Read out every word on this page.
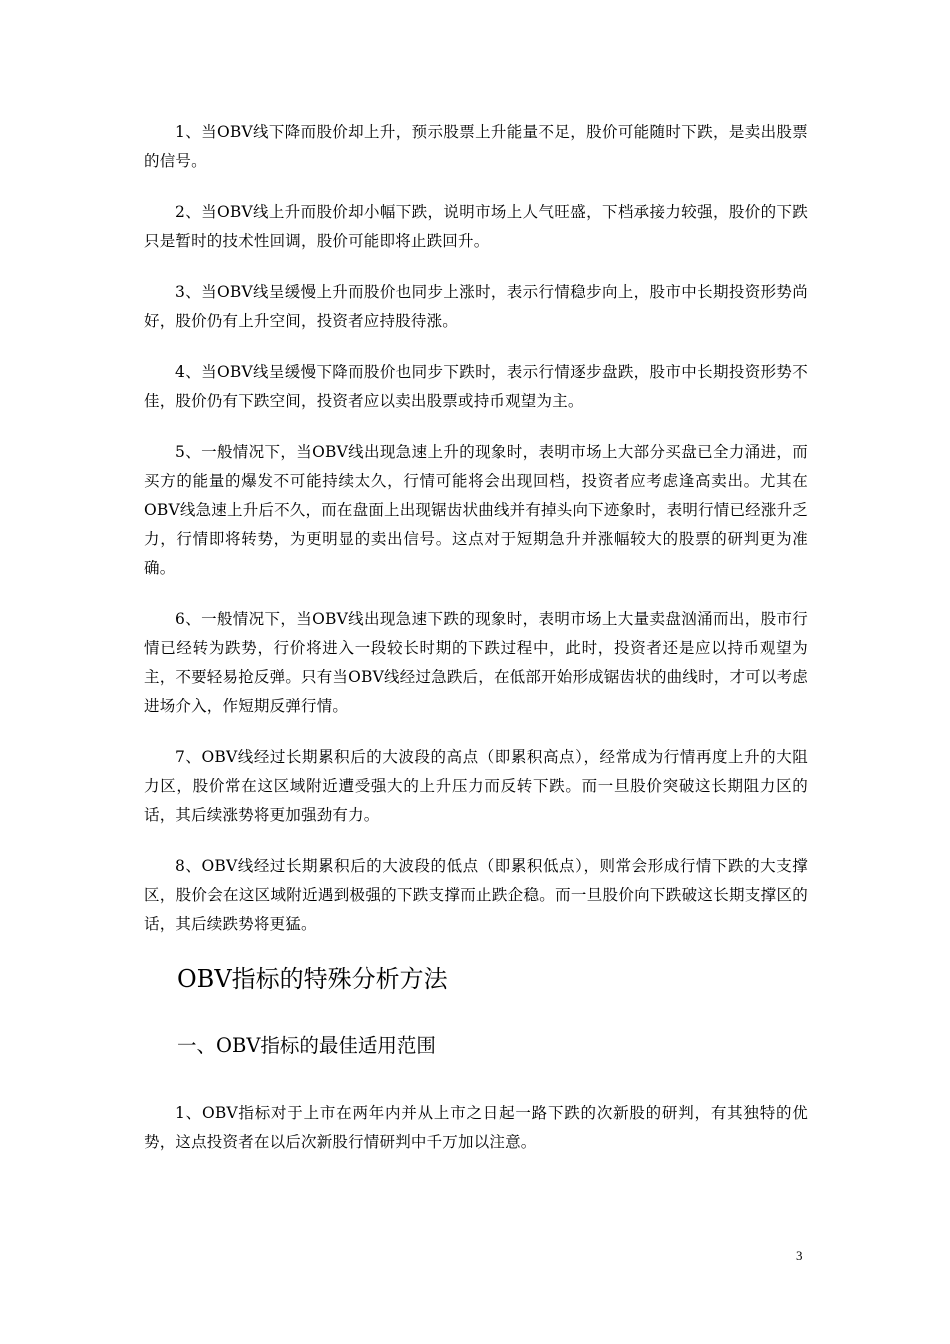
1、当OBV线下降而股价却上升，预示股票上升能量不足，股价可能随时下跌，是卖出股票的信号。

2、当OBV线上升而股价却小幅下跌，说明市场上人气旺盛，下档承接力较强，股价的下跌只是暂时的技术性回调，股价可能即将止跌回升。

3、当OBV线呈缓慢上升而股价也同步上涨时，表示行情稳步向上，股市中长期投资形势尚好，股价仍有上升空间，投资者应持股待涨。

4、当OBV线呈缓慢下降而股价也同步下跌时，表示行情逐步盘跌，股市中长期投资形势不佳，股价仍有下跌空间，投资者应以卖出股票或持币观望为主。

5、一般情况下，当OBV线出现急速上升的现象时，表明市场上大部分买盘已全力涌进，而买方的能量的爆发不可能持续太久，行情可能将会出现回档，投资者应考虑逢高卖出。尤其在OBV线急速上升后不久，而在盘面上出现锯齿状曲线并有掉头向下迹象时，表明行情已经涨升乏力，行情即将转势，为更明显的卖出信号。这点对于短期急升并涨幅较大的股票的研判更为准确。

6、一般情况下，当OBV线出现急速下跌的现象时，表明市场上大量卖盘汹涌而出，股市行情已经转为跌势，行价将进入一段较长时期的下跌过程中，此时，投资者还是应以持币观望为主，不要轻易抢反弹。只有当OBV线经过急跌后，在低部开始形成锯齿状的曲线时，才可以考虑进场介入，作短期反弹行情。

7、OBV线经过长期累积后的大波段的高点（即累积高点），经常成为行情再度上升的大阻力区，股价常在这区域附近遭受强大的上升压力而反转下跌。而一旦股价突破这长期阻力区的话，其后续涨势将更加强劲有力。

8、OBV线经过长期累积后的大波段的低点（即累积低点），则常会形成行情下跌的大支撑区，股价会在这区域附近遇到极强的下跌支撑而止跌企稳。而一旦股价向下跌破这长期支撑区的话，其后续跌势将更猛。

OBV指标的特殊分析方法
一、OBV指标的最佳适用范围

1、OBV指标对于上市在两年内并从上市之日起一路下跌的次新股的研判，有其独特的优势，这点投资者在以后次新股行情研判中千万加以注意。

3
